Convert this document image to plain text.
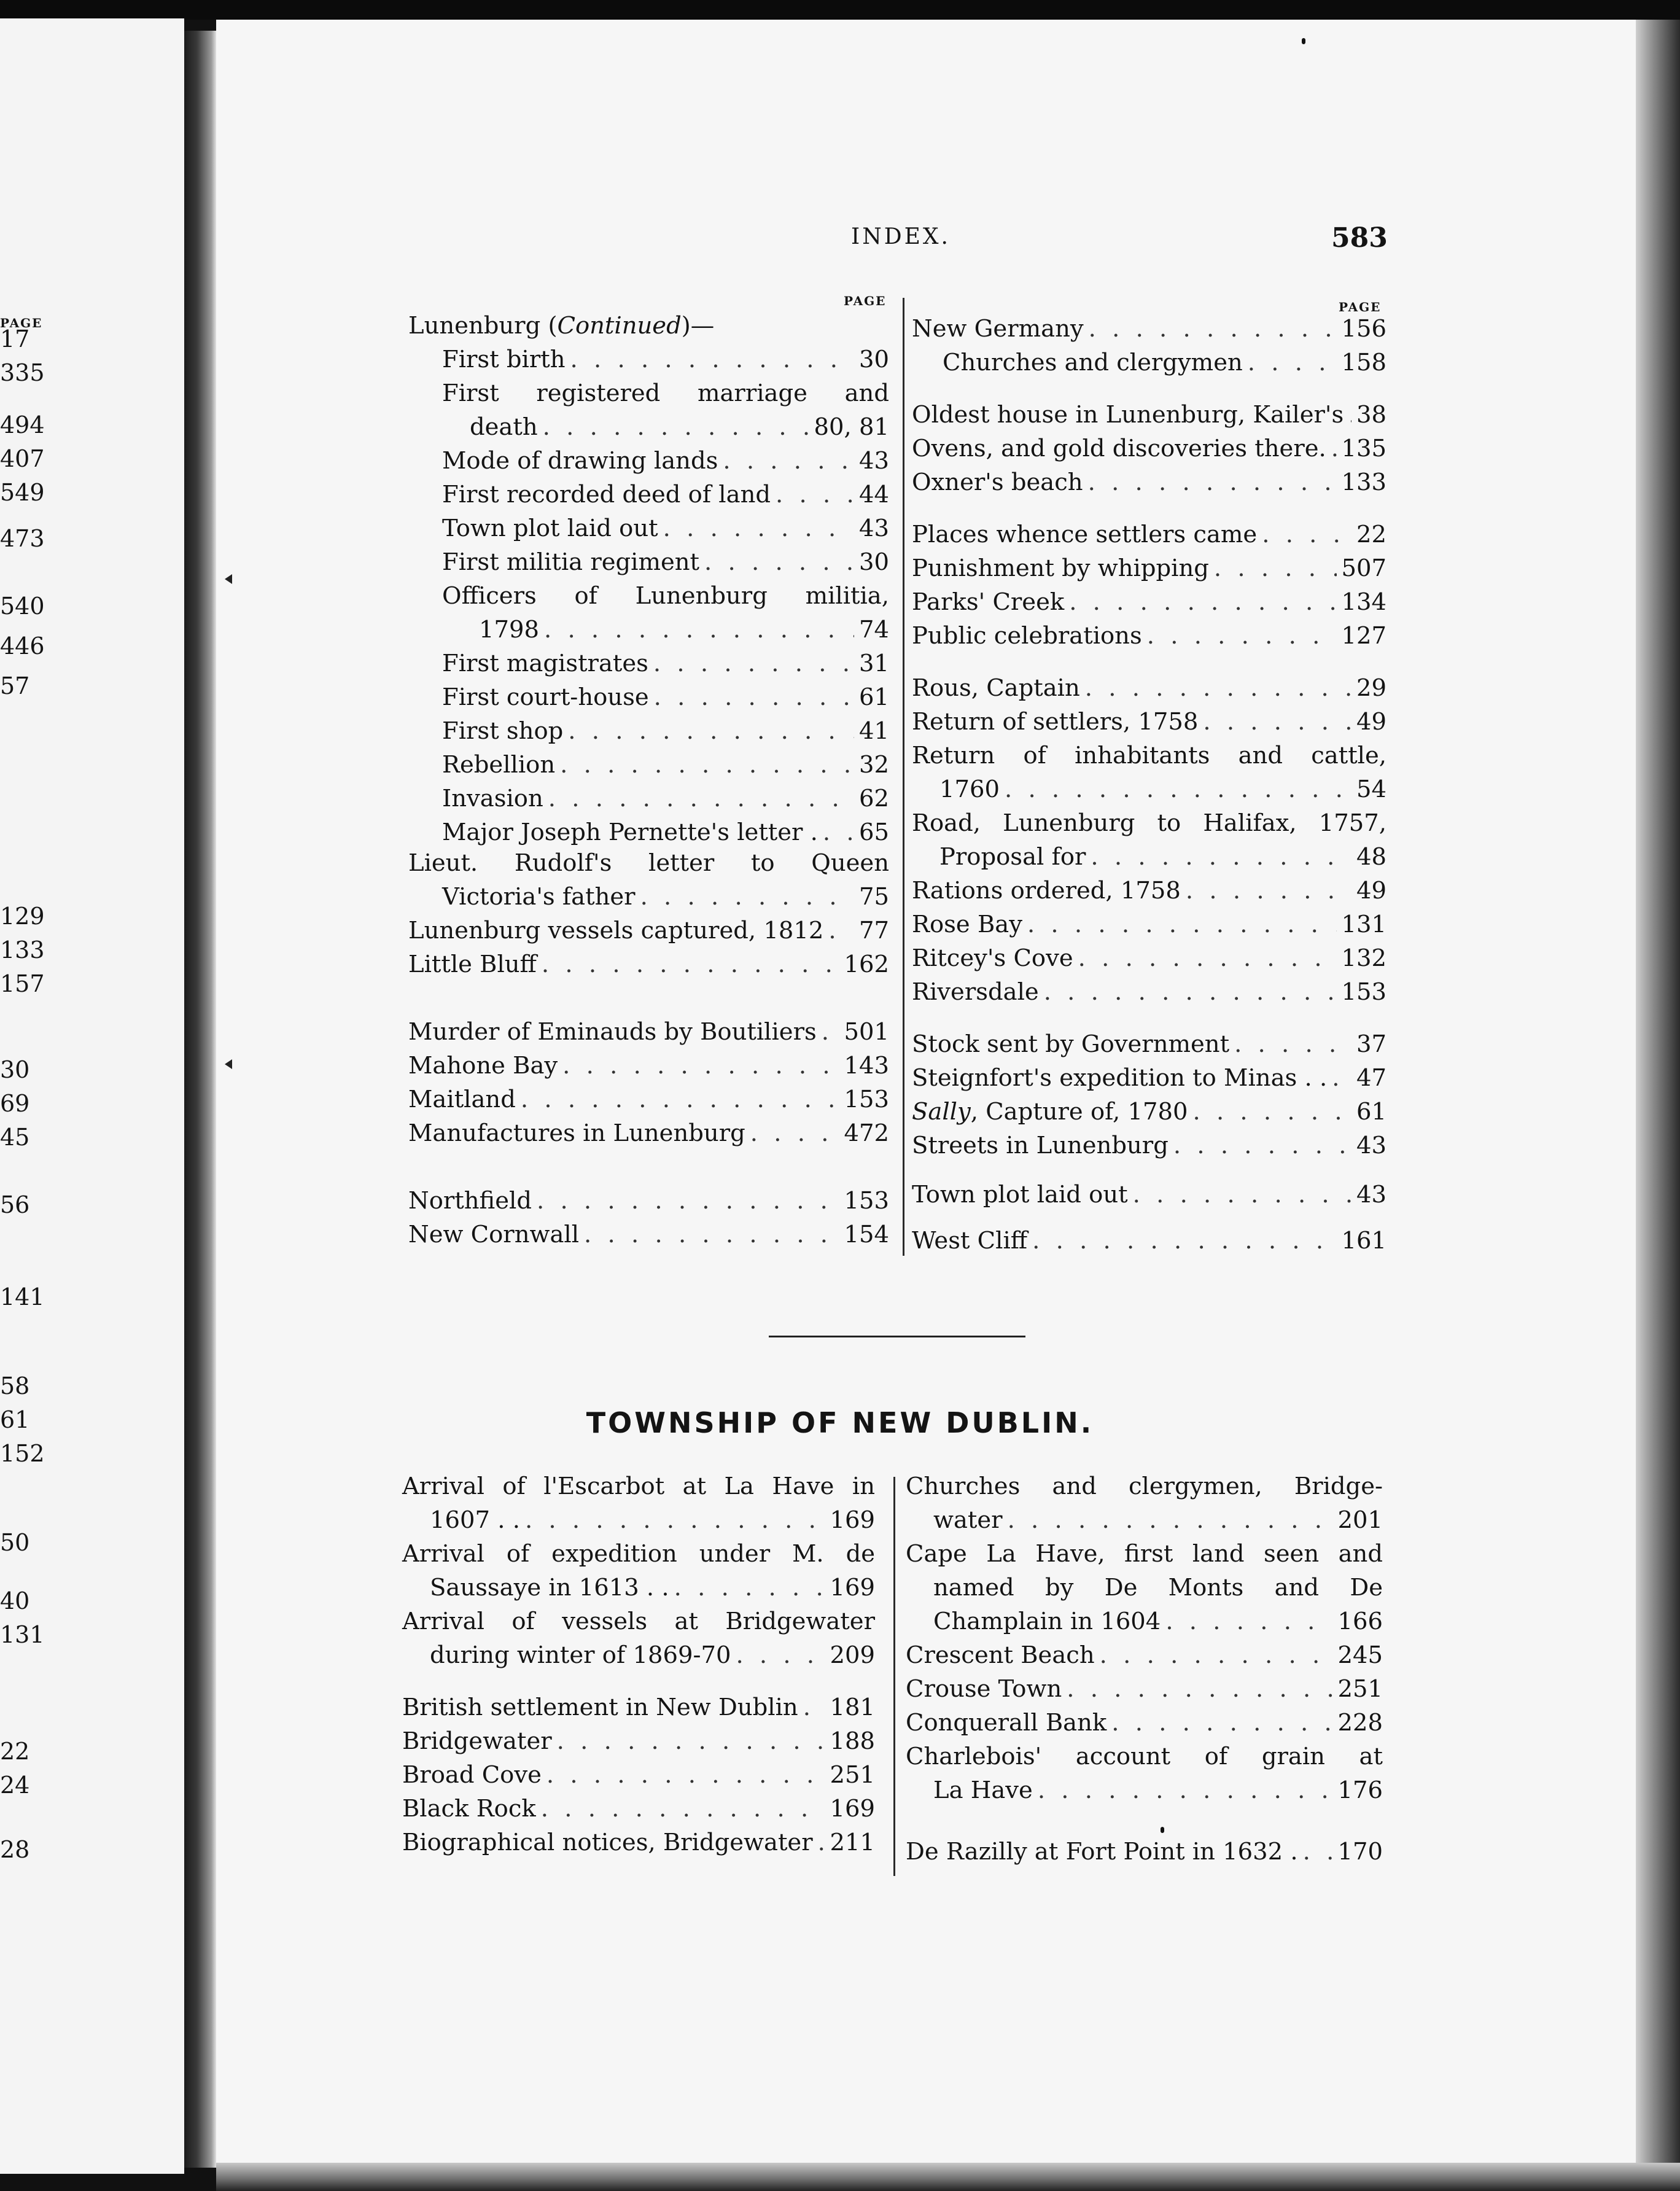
PAGE
17
335
494
407
549
473
540
446
57
129
133
157
30
69
45
56
141
58
61
152
50
40
131
22
24
28
INDEX.	583
PAGE	PAGE
Lunenburg (Continued)—
First birth . . .	30
First registered marriage and
death . . .	80, 81
Mode of drawing lands . . .	43
First recorded deed of land . . .	44
Town plot laid out . . .	43
First militia regiment . . .	30
Officers of Lunenburg militia,
1798 . . .	74
First magistrates . . .	31
First court-house . . .	61
First shop . . .	41
Rebellion . . .	32
Invasion . . .	62
Major Joseph Pernette's letter . . . . 65
Lieut. Rudolf's letter to Queen
Victoria's father . . .	75
Lunenburg vessels captured, 1812 . . . 77
Little Bluff . . .	162
Murder of Eminauds by Boutiliers . . . 501
Mahone Bay . . .	143
Maitland . . .	153
Manufactures in Lunenburg . . .	472
Northfield . . .	153
New Cornwall . . .	154
New Germany . . .	156
Churches and clergymen . . .	158
Oldest house in Lunenburg, Kailer's . . . 38
Ovens, and gold discoveries there. . . . 135
Oxner's beach . . .	133
Places whence settlers came . . .	22
Punishment by whipping . . .	507
Parks' Creek . . .	134
Public celebrations . . .	127
Rous, Captain . . .	29
Return of settlers, 1758 . . .	49
Return of inhabitants and cattle,
1760 . . .	54
Road, Lunenburg to Halifax, 1757,
Proposal for . . .	48
Rations ordered, 1758 . . .	49
Rose Bay . . .	131
Ritcey's Cove . . .	132
Riversdale . . .	153
Stock sent by Government . . .	37
Steignfort's expedition to Minas . . . . . 47
Sally, Capture of, 1780 . . .	61
Streets in Lunenburg . . .	43
Town plot laid out . . .	43
West Cliff . . .	161
TOWNSHIP OF NEW DUBLIN.
Arrival of l'Escarbot at La Have in
1607 . . . . .	169
Arrival of expedition under M. de
Saussaye in 1613 . . . . .	169
Arrival of vessels at Bridgewater
during winter of 1869-70 . . .	209
British settlement in New Dublin . . . 181
Bridgewater . . .	188
Broad Cove . . .	251
Black Rock . . .	169
Biographical notices, Bridgewater . . . 211
Churches and clergymen, Bridge-
water . . .	201
Cape La Have, first land seen and
named by De Monts and De
Champlain in 1604 . . .	166
Crescent Beach . . .	245
Crouse Town . . .	251
Conquerall Bank . . .	228
Charlebois' account of grain at
La Have . . .	176
De Razilly at Fort Point in 1632 . . . . 170
